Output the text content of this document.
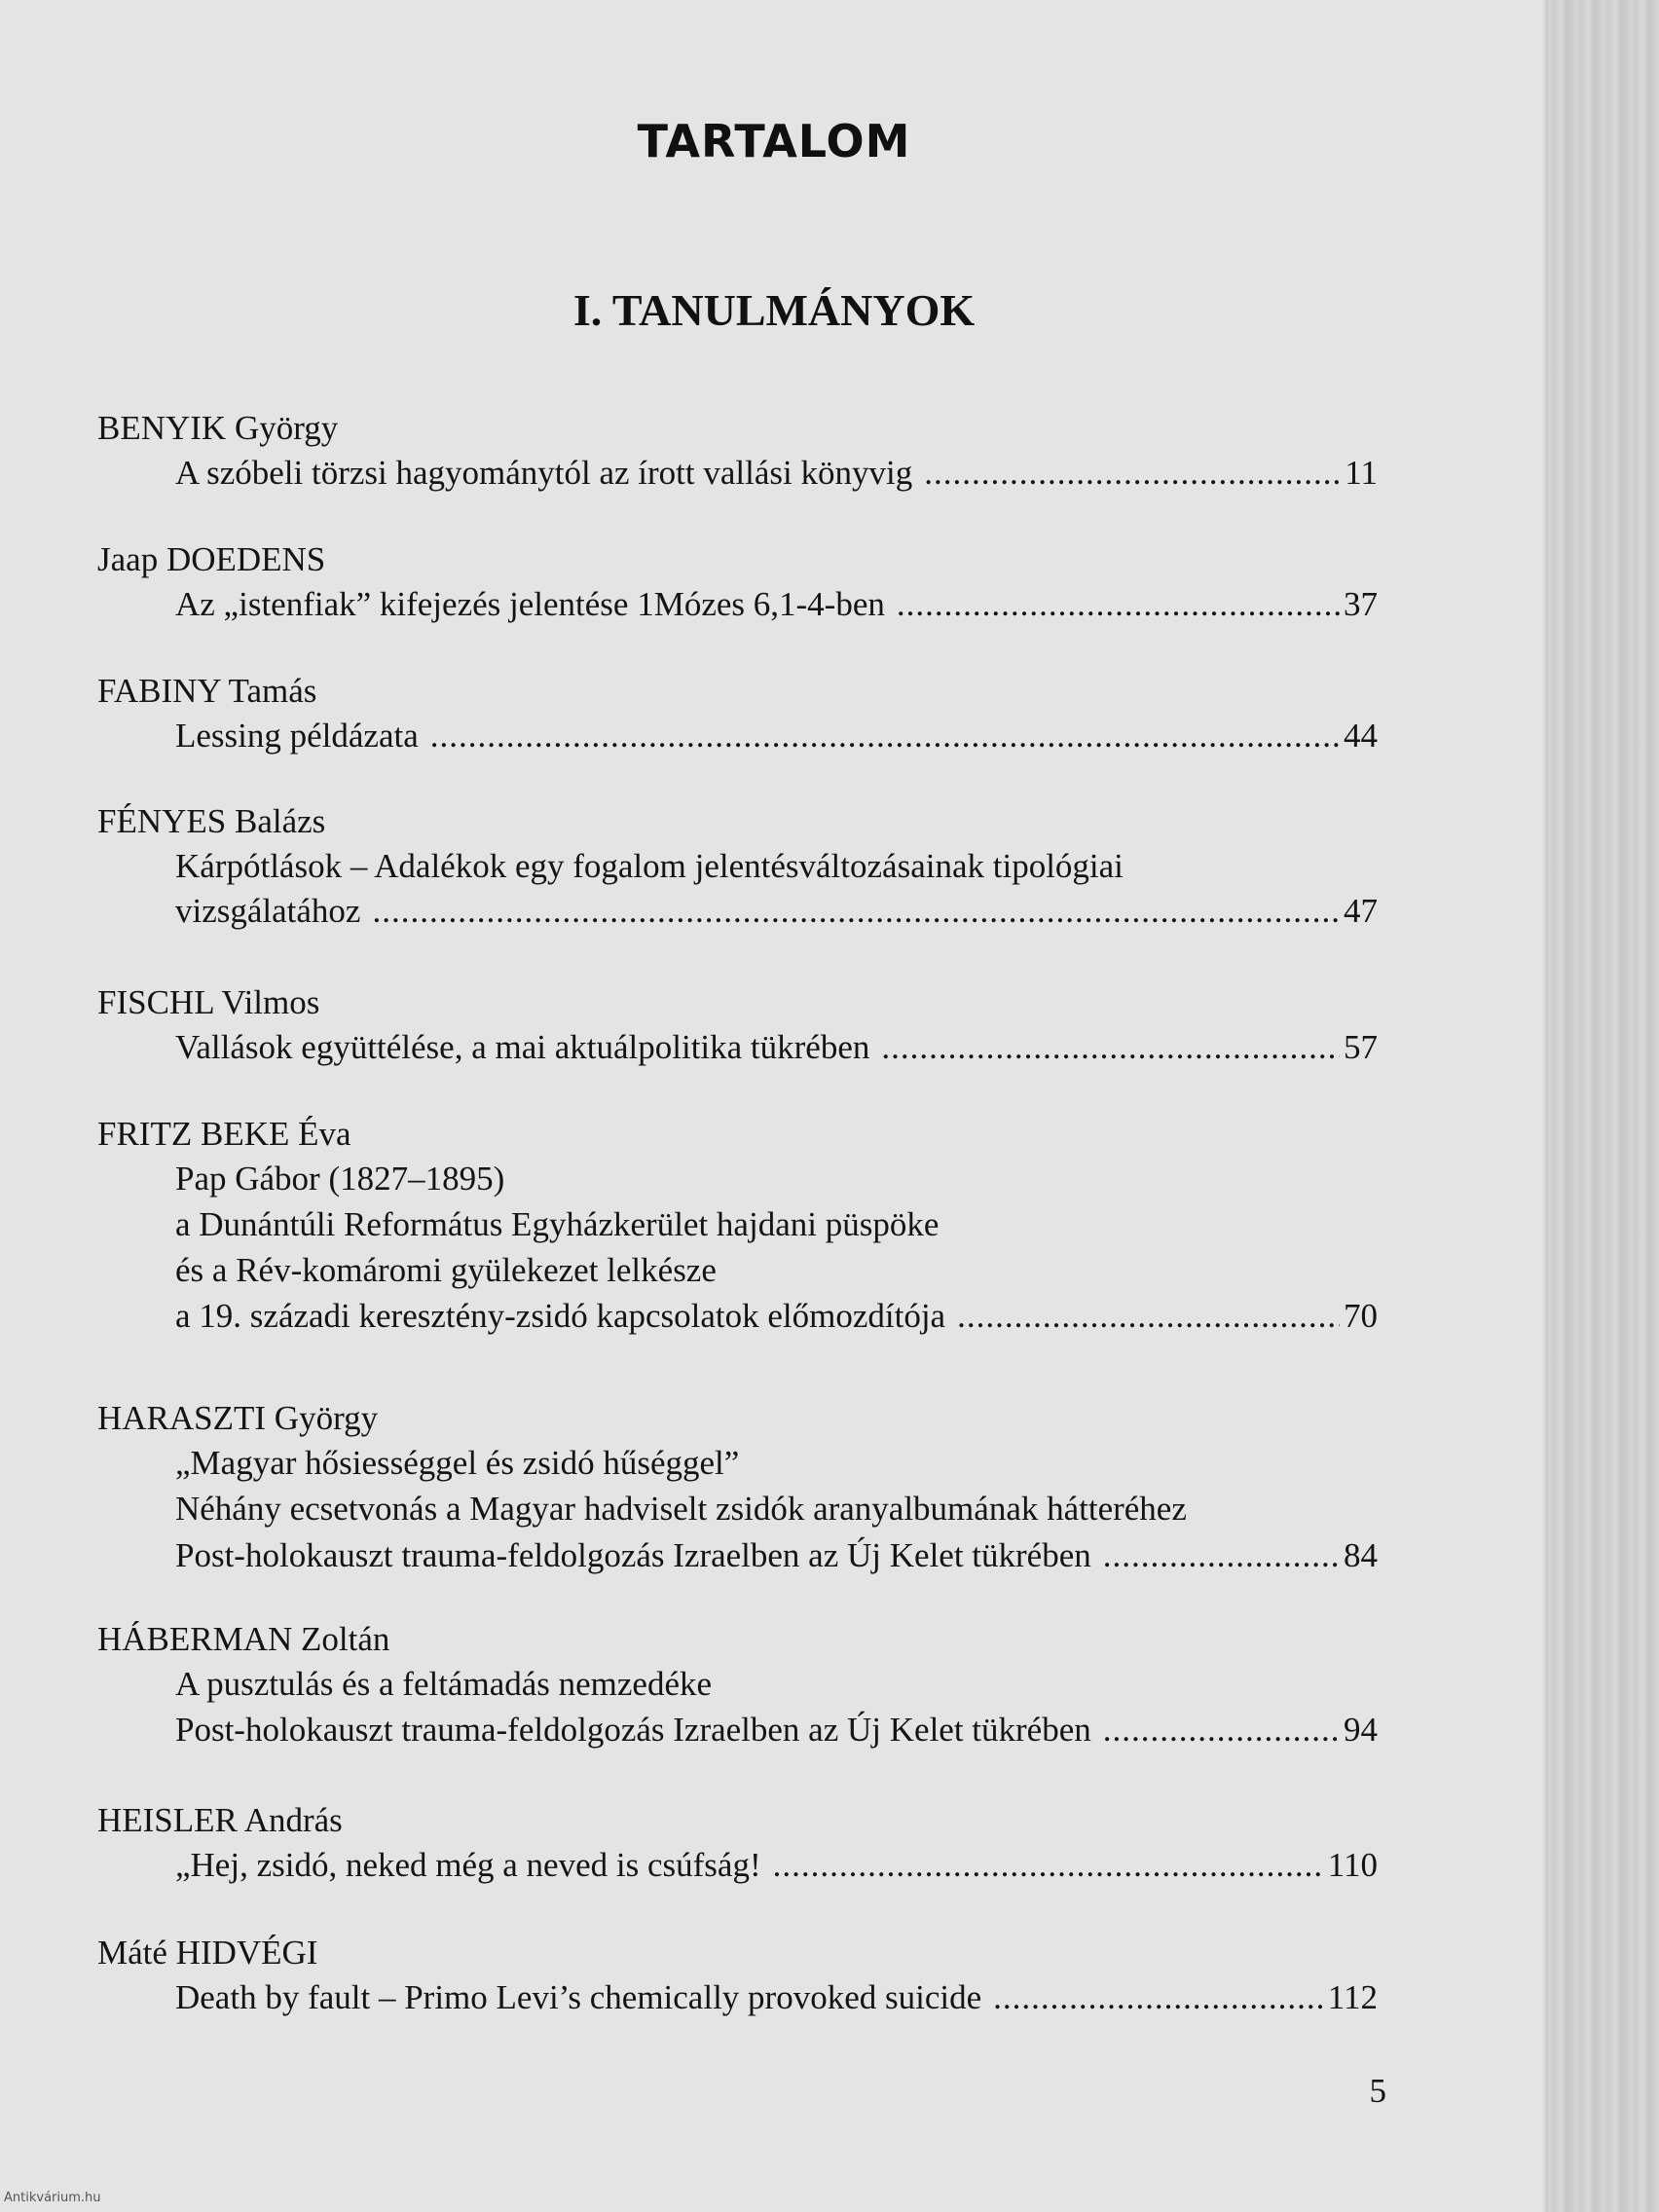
TARTALOM
I. TANULMÁNYOK
BENYIK György
A szóbeli törzsi hagyománytól az írott vallási könyvig .....	11
Jaap DOEDENS
Az „istenfiak” kifejezés jelentése 1Mózes 6,1-4-ben .....	37
FABINY Tamás
Lessing példázata .....	44
FÉNYES Balázs
Kárpótlások – Adalékok egy fogalom jelentésváltozásainak tipológiai
vizsgálatához .....	47
FISCHL Vilmos
Vallások együttélése, a mai aktuálpolitika tükrében .....	57
FRITZ BEKE Éva
Pap Gábor (1827–1895)
a Dunántúli Református Egyházkerület hajdani püspöke
és a Rév-komáromi gyülekezet lelkésze
a 19. századi keresztény-zsidó kapcsolatok előmozdítója .....	70
HARASZTI György
„Magyar hősiességgel és zsidó hűséggel”
Néhány ecsetvonás a Magyar hadviselt zsidók aranyalbumának hátteréhez
Post-holokauszt trauma-feldolgozás Izraelben az Új Kelet tükrében .....	84
HÁBERMAN Zoltán
A pusztulás és a feltámadás nemzedéke
Post-holokauszt trauma-feldolgozás Izraelben az Új Kelet tükrében .....	94
HEISLER András
„Hej, zsidó, neked még a neved is csúfság! .....	110
Máté HIDVÉGI
Death by fault – Primo Levi’s chemically provoked suicide .....	112
5
Antikvárium.hu
